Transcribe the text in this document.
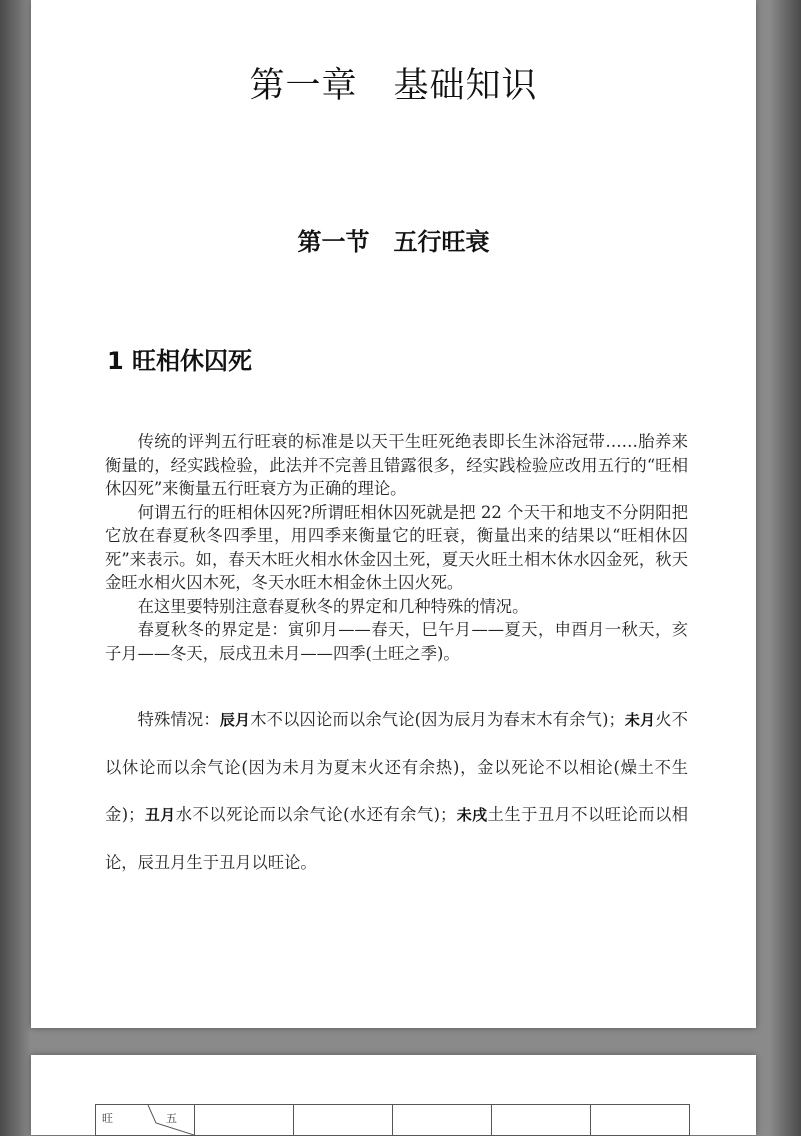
第一章　基础知识
第一节　五行旺衰
1 旺相休囚死

传统的评判五行旺衰的标准是以天干生旺死绝表即长生沐浴冠带……胎养来衡量的，经实践检验，此法并不完善且错露很多，经实践检验应改用五行的“旺相休囚死”来衡量五行旺衰方为正确的理论。

何谓五行的旺相休囚死?所谓旺相休囚死就是把 22 个天干和地支不分阴阳把它放在春夏秋冬四季里，用四季来衡量它的旺衰，衡量出来的结果以“旺相休囚死”来表示。如，春天木旺火相水休金囚土死，夏天火旺土相木休水囚金死，秋天金旺水相火囚木死，冬天水旺木相金休土囚火死。

在这里要特别注意春夏秋冬的界定和几种特殊的情况。

春夏秋冬的界定是：寅卯月——春天，巳午月——夏天，申酉月一秋天，亥子月——冬天，辰戌丑未月——四季(土旺之季)。

特殊情况：辰月木不以囚论而以余气论(因为辰月为春末木有余气)；未月火不以休论而以余气论(因为未月为夏末火还有余热)，金以死论不以相论(燥土不生金)；丑月水不以死论而以余气论(水还有余气)；未戌土生于丑月不以旺论而以相论，辰丑月生于丑月以旺论。

旺	五
